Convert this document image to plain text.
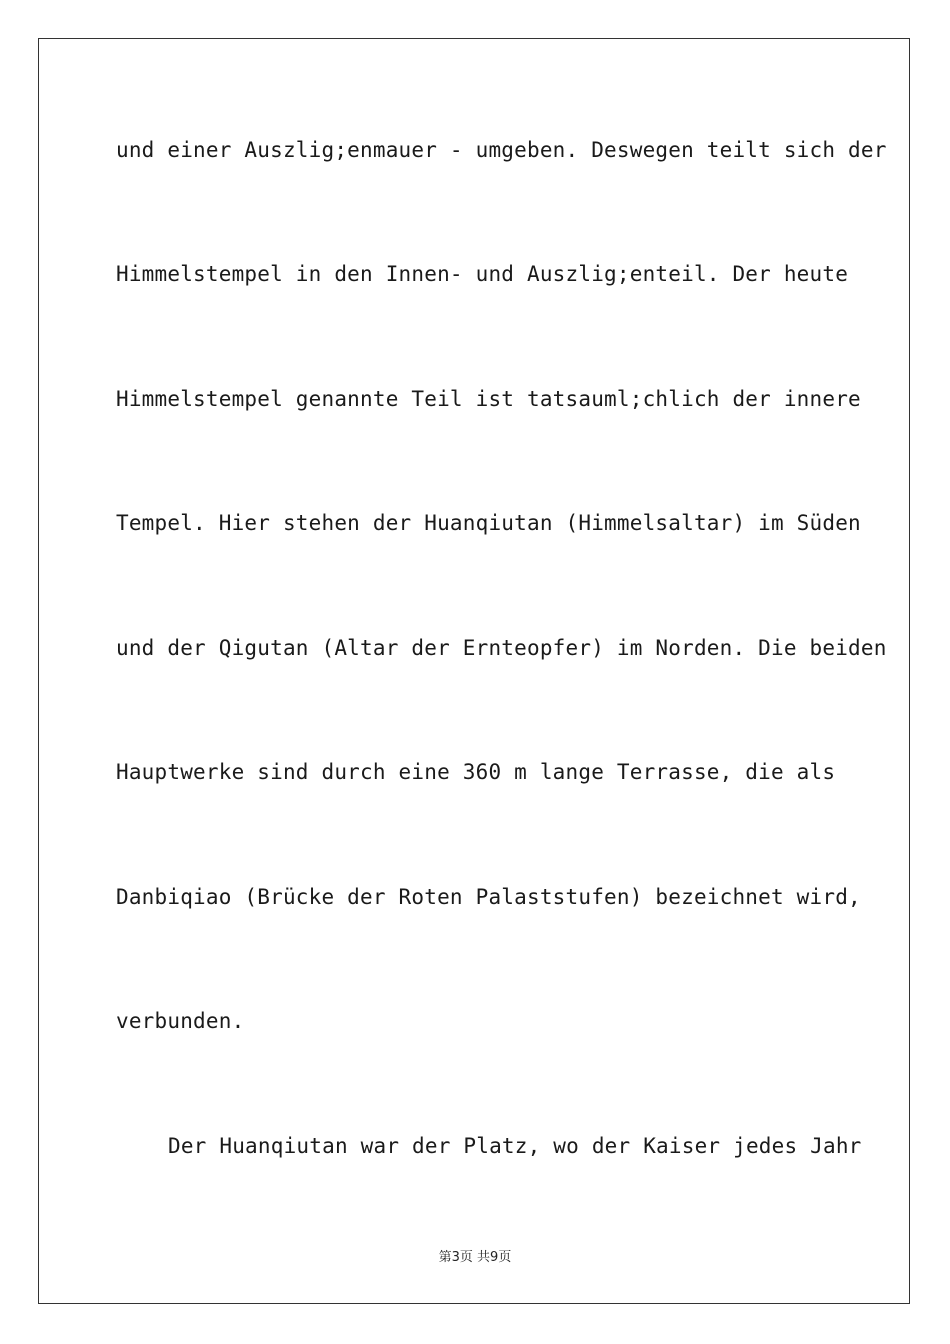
und einer Auszlig;enmauer - umgeben. Deswegen teilt sich der
Himmelstempel in den Innen- und Auszlig;enteil. Der heute
Himmelstempel genannte Teil ist tatsauml;chlich der innere
Tempel. Hier stehen der Huanqiutan (Himmelsaltar) im Süden
und der Qigutan (Altar der Ernteopfer) im Norden. Die beiden
Hauptwerke sind durch eine 360 m lange Terrasse, die als
Danbiqiao (Brücke der Roten Palaststufen) bezeichnet wird,
verbunden.
Der Huanqiutan war der Platz, wo der Kaiser jedes Jahr
第3页 共9页
